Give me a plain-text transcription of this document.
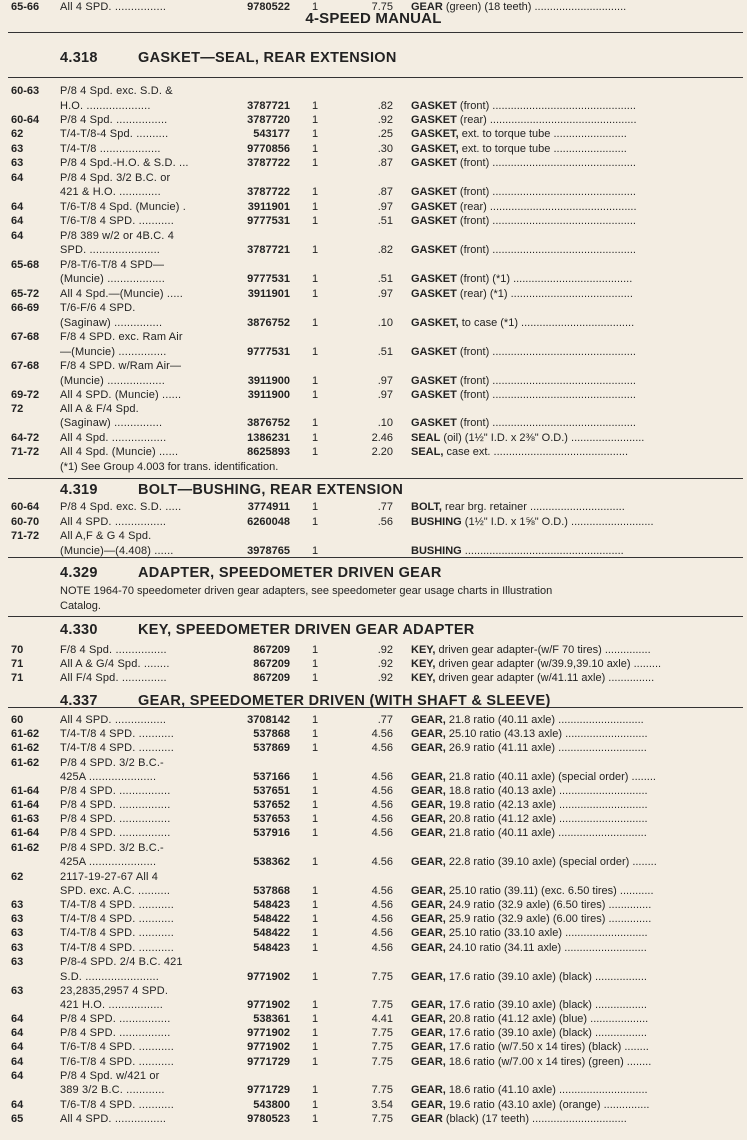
4-SPEED MANUAL
4.318	GASKET—SEAL, REAR EXTENSION
60-63 P/8 4 Spd. exc. S.D. &
H.O. ....................	3787721 1	.82 GASKET (front) ...............................................
60-64 P/8 4 Spd. ................	3787720 1	.92 GASKET (rear) ................................................
62	T/4-T/8-4 Spd. ..........	543177 1	.25 GASKET, ext. to torque tube ........................
63	T/4-T/8 ...................	9770856 1	.30 GASKET, ext. to torque tube ........................
63	P/8 4 Spd.-H.O. & S.D. ...	3787722 1	.87 GASKET (front) ...............................................
64	P/8 4 Spd. 3/2 B.C. or
421 & H.O. .............	3787722 1	.87 GASKET (front) ...............................................
64	T/6-T/8 4 Spd. (Muncie) .	3911901 1	.97 GASKET (rear) ................................................
64	T/6-T/8 4 SPD. ...........	9777531 1	.51 GASKET (front) ...............................................
64	P/8 389 w/2 or 4B.C. 4
SPD. ......................	3787721 1	.82 GASKET (front) ...............................................
65-68 P/8-T/6-T/8 4 SPD—
(Muncie) ..................	9777531 1	.51 GASKET (front) (*1) .......................................
65-72 All 4 Spd.—(Muncie) .....	3911901 1	.97 GASKET (rear) (*1) ........................................
66-69 T/6-F/6 4 SPD.
(Saginaw) ...............	3876752 1	.10 GASKET, to case (*1) .....................................
67-68 F/8 4 SPD. exc. Ram Air
—(Muncie) ...............	9777531 1	.51 GASKET (front) ...............................................
67-68 F/8 4 SPD. w/Ram Air—
(Muncie) ..................	3911900 1	.97 GASKET (front) ...............................................
69-72 All 4 SPD. (Muncie) ......	3911900 1	.97 GASKET (front) ...............................................
72	All A & F/4 Spd.
(Saginaw) ...............	3876752 1	.10 GASKET (front) ...............................................
64-72 All 4 Spd. .................	1386231 1	2.46 SEAL (oil) (1½" I.D. x 2⅜" O.D.) ........................
71-72 All 4 Spd. (Muncie) ......	8625893 1	2.20 SEAL, case ext. ............................................
(*1) See Group 4.003 for trans. identification.
4.319	BOLT—BUSHING, REAR EXTENSION
60-64 P/8 4 Spd. exc. S.D. .....	3774911 1	.77 BOLT, rear brg. retainer ...............................
60-70 All 4 SPD. ................	6260048 1	.56 BUSHING (1½" I.D. x 1⅝" O.D.) ...........................
71-72 All A,F & G 4 Spd.
(Muncie)—(4.408) ......	3978765 1	BUSHING ....................................................
4.329	ADAPTER, SPEEDOMETER DRIVEN GEAR
NOTE 1964-70 speedometer driven gear adapters, see speedometer gear usage charts in Illustration
Catalog.
4.330	KEY, SPEEDOMETER DRIVEN GEAR ADAPTER
70	F/8 4 Spd. ................	867209 1	.92 KEY, driven gear adapter-(w/F 70 tires) ...............
71	All A & G/4 Spd. ........	867209 1	.92 KEY, driven gear adapter (w/39.9,39.10 axle) .........
71	All F/4 Spd. ..............	867209 1	.92 KEY, driven gear adapter (w/41.11 axle) ...............
4.337	GEAR, SPEEDOMETER DRIVEN (WITH SHAFT & SLEEVE)
60	All 4 SPD. ................	3708142 1	.77 GEAR, 21.8 ratio (40.11 axle) ............................
61-62 T/4-T/8 4 SPD. ...........	537868 1	4.56 GEAR, 25.10 ratio (43.13 axle) ...........................
61-62 T/4-T/8 4 SPD. ...........	537869 1	4.56 GEAR, 26.9 ratio (41.11 axle) .............................
61-62 P/8 4 SPD. 3/2 B.C.-
425A .....................	537166 1	4.56 GEAR, 21.8 ratio (40.11 axle) (special order) ........
61-64 P/8 4 SPD. ................	537651 1	4.56 GEAR, 18.8 ratio (40.13 axle) .............................
61-64 P/8 4 SPD. ................	537652 1	4.56 GEAR, 19.8 ratio (42.13 axle) .............................
61-63 P/8 4 SPD. ................	537653 1	4.56 GEAR, 20.8 ratio (41.12 axle) .............................
61-64 P/8 4 SPD. ................	537916 1	4.56 GEAR, 21.8 ratio (40.11 axle) .............................
61-62 P/8 4 SPD. 3/2 B.C.-
425A .....................	538362 1	4.56 GEAR, 22.8 ratio (39.10 axle) (special order) ........
62	2117-19-27-67 All 4
SPD. exc. A.C. ..........	537868 1	4.56 GEAR, 25.10 ratio (39.11) (exc. 6.50 tires) ...........
63	T/4-T/8 4 SPD. ...........	548423 1	4.56 GEAR, 24.9 ratio (32.9 axle) (6.50 tires) ..............
63	T/4-T/8 4 SPD. ...........	548422 1	4.56 GEAR, 25.9 ratio (32.9 axle) (6.00 tires) ..............
63	T/4-T/8 4 SPD. ...........	548422 1	4.56 GEAR, 25.10 ratio (33.10 axle) ...........................
63	T/4-T/8 4 SPD. ...........	548423 1	4.56 GEAR, 24.10 ratio (34.11 axle) ...........................
63	P/8-4 SPD. 2/4 B.C. 421
S.D. .......................	9771902 1	7.75 GEAR, 17.6 ratio (39.10 axle) (black) .................
63	23,2835,2957 4 SPD.
421 H.O. .................	9771902 1	7.75 GEAR, 17.6 ratio (39.10 axle) (black) .................
64	P/8 4 SPD. ................	538361 1	4.41 GEAR, 20.8 ratio (41.12 axle) (blue) ...................
64	P/8 4 SPD. ................	9771902 1	7.75 GEAR, 17.6 ratio (39.10 axle) (black) .................
64	T/6-T/8 4 SPD. ...........	9771902 1	7.75 GEAR, 17.6 ratio (w/7.50 x 14 tires) (black) ........
64	T/6-T/8 4 SPD. ...........	9771729 1	7.75 GEAR, 18.6 ratio (w/7.00 x 14 tires) (green) ........
64	P/8 4 Spd. w/421 or
389 3/2 B.C. ............	9771729 1	7.75 GEAR, 18.6 ratio (41.10 axle) .............................
64	T/6-T/8 4 SPD. ...........	543800 1	3.54 GEAR, 19.6 ratio (43.10 axle) (orange) ...............
65	All 4 SPD. ................	9780523 1	7.75 GEAR (black) (17 teeth) ...............................
65-66 All 4 SPD. ................	9780522 1	7.75 GEAR (green) (18 teeth) ..............................
